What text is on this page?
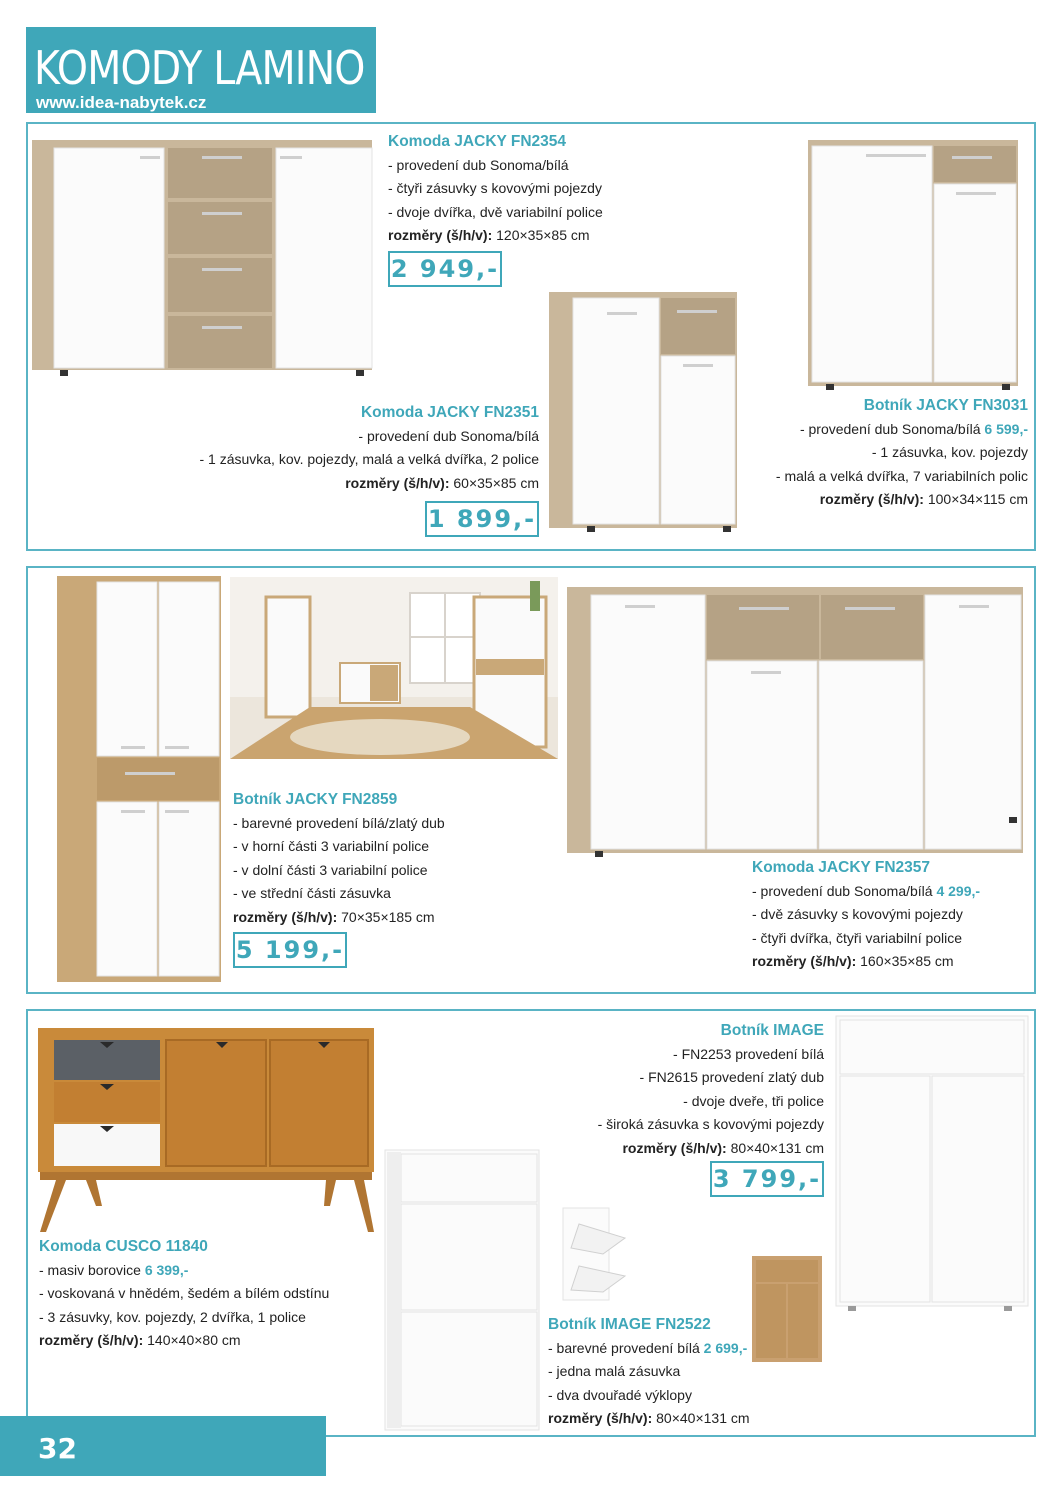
KOMODY LAMINO
www.idea-nabytek.cz
Komoda JACKY FN2354
- provedení dub Sonoma/bílá
- čtyři zásuvky s kovovými pojezdy
- dvoje dvířka, dvě variabilní police
rozměry (š/h/v): 120×35×85 cm
2 949,-
Komoda JACKY FN2351
- provedení dub Sonoma/bílá
- 1 zásuvka, kov. pojezdy, malá a velká dvířka, 2 police
rozměry (š/h/v): 60×35×85 cm
1 899,-
Botník JACKY FN3031
- provedení dub Sonoma/bílá 6 599,-
- 1 zásuvka, kov. pojezdy
- malá a velká dvířka, 7 variabilních polic
rozměry (š/h/v): 100×34×115 cm
Botník JACKY FN2859
- barevné provedení bílá/zlatý dub
- v horní části 3 variabilní police
- v dolní části 3 variabilní police
- ve střední části zásuvka
rozměry (š/h/v): 70×35×185 cm
5 199,-
Komoda JACKY FN2357
- provedení dub Sonoma/bílá 4 299,-
- dvě zásuvky s kovovými pojezdy
- čtyři dvířka, čtyři variabilní police
rozměry (š/h/v): 160×35×85 cm
Komoda CUSCO 11840
- masiv borovice 6 399,-
- voskovaná v hnědém, šedém a bílém odstínu
- 3 zásuvky, kov. pojezdy, 2 dvířka, 1 police
rozměry (š/h/v): 140×40×80 cm
Botník IMAGE
- FN2253 provedení bílá
- FN2615 provedení zlatý dub
- dvoje dveře, tři police
- široká zásuvka s kovovými pojezdy
rozměry (š/h/v): 80×40×131 cm
3 799,-
Botník IMAGE FN2522
- barevné provedení bílá 2 699,-
- jedna malá zásuvka
- dva dvouřadé výklopy
rozměry (š/h/v): 80×40×131 cm
32
